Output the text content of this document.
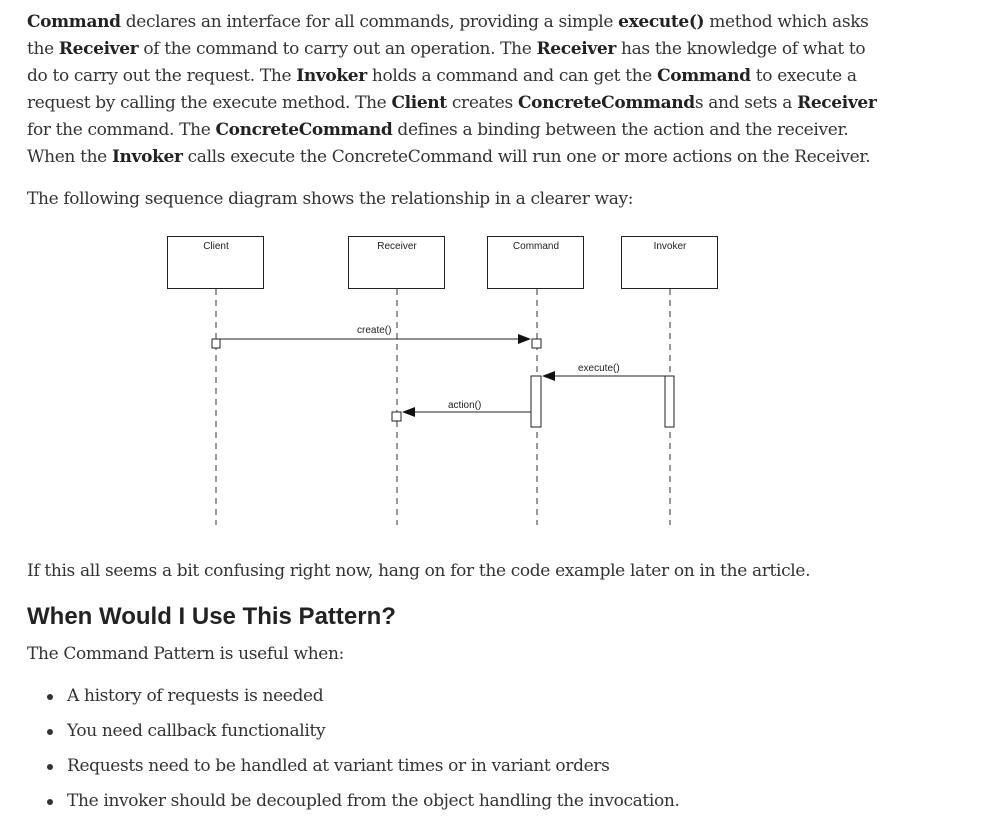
Command declares an interface for all commands, providing a simple execute() method which asks the Receiver of the command to carry out an operation. The Receiver has the knowledge of what to do to carry out the request. The Invoker holds a command and can get the Command to execute a request by calling the execute method. The Client creates ConcreteCommands and sets a Receiver for the command. The ConcreteCommand defines a binding between the action and the receiver. When the Invoker calls execute the ConcreteCommand will run one or more actions on the Receiver.

The following sequence diagram shows the relationship in a clearer way:

Client	Receiver	Command	Invoker
create()
execute()
action()

If this all seems a bit confusing right now, hang on for the code example later on in the article.

When Would I Use This Pattern?

The Command Pattern is useful when:

A history of requests is needed
You need callback functionality
Requests need to be handled at variant times or in variant orders
The invoker should be decoupled from the object handling the invocation.
